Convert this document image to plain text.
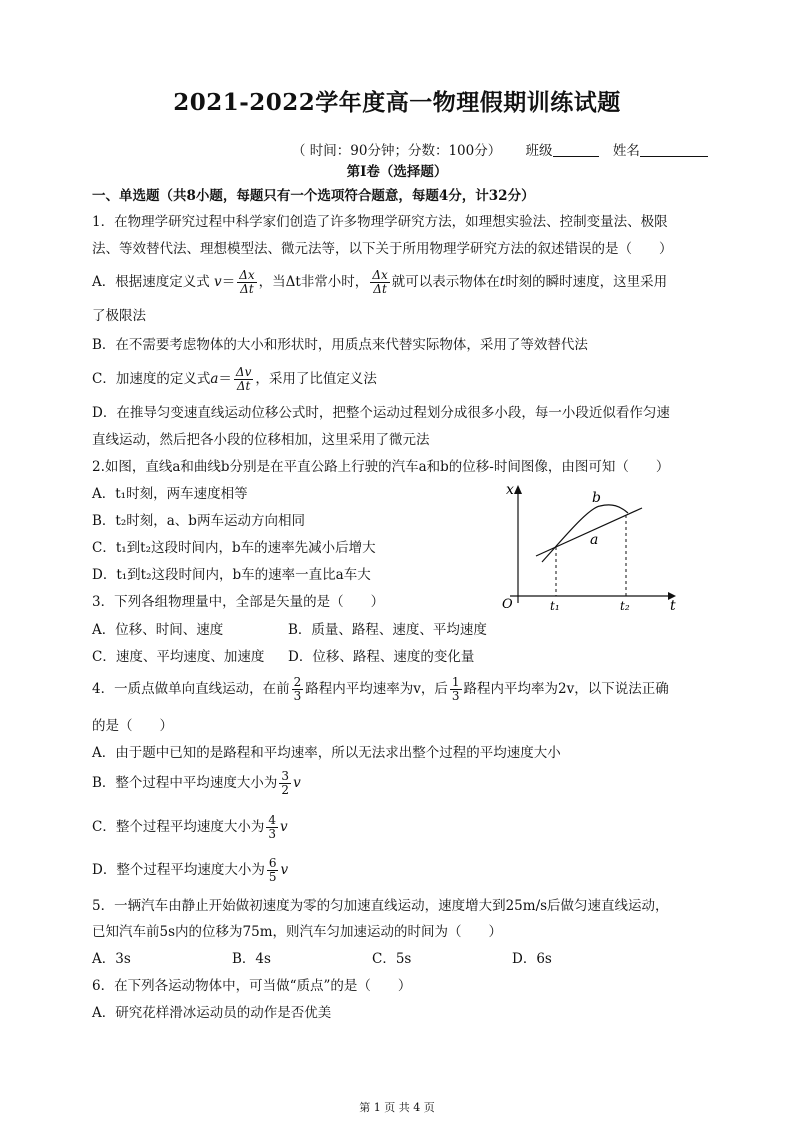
2021-2022学年度高一物理假期训练试题
（ 时间：90分钟；分数：100分） 班级	姓名
第Ⅰ卷（选择题）
一、单选题（共8小题，每题只有一个选项符合题意，每题4分，计32分）
1．在物理学研究过程中科学家们创造了许多物理学研究方法，如理想实验法、控制变量法、极限
法、等效替代法、理想模型法、微元法等，以下关于所用物理学研究方法的叙述错误的是（　　）
A．根据速度定义式 $v= \frac{\Delta x}{\Delta t}$ ，当Δt非常小时， $\frac{\Delta x}{\Delta t}$ 就可以表示物体在t时刻的瞬时速度，这里采用
了极限法
B．在不需要考虑物体的大小和形状时，用质点来代替实际物体，采用了等效替代法
C．加速度的定义式$a= \frac{\Delta v}{\Delta t}$ ，采用了比值定义法
D．在推导匀变速直线运动位移公式时，把整个运动过程划分成很多小段，每一小段近似看作匀速
直线运动，然后把各小段的位移相加，这里采用了微元法
2.如图，直线a和曲线b分别是在平直公路上行驶的汽车a和b的位移-时间图像，由图可知（　　）
A．t₁时刻，两车速度相等
B．t₂时刻，a、b两车运动方向相同
C．t₁到t₂这段时间内，b车的速率先减小后增大
D．t₁到t₂这段时间内，b车的速率一直比a车大
x
t
O	t₁	t₂
b
a
3．下列各组物理量中，全部是矢量的是（　　）
A．位移、时间、速度	B．质量、路程、速度、平均速度
C．速度、平均速度、加速度 D．位移、路程、速度的变化量
4．一质点做单向直线运动，在前 $\frac{2}{3}$ 路程内平均速率为v，后 $\frac{1}{3}$ 路程内平均率为2v，以下说法正确
的是（　　）
A．由于题中已知的是路程和平均速率，所以无法求出整个过程的平均速度大小
B．整个过程中平均速度大小为 $\frac{3}{2}$ v
C．整个过程平均速度大小为 $\frac{4}{3}$ v
D．整个过程平均速度大小为 $\frac{6}{5}$ v
5．一辆汽车由静止开始做初速度为零的匀加速直线运动，速度增大到25m/s后做匀速直线运动，
已知汽车前5s内的位移为75m，则汽车匀加速运动的时间为（　　）
A．3s	B．4s	C．5s	D．6s
6．在下列各运动物体中，可当做“质点”的是（　　）
A．研究花样滑冰运动员的动作是否优美
第 1 页 共 4 页
